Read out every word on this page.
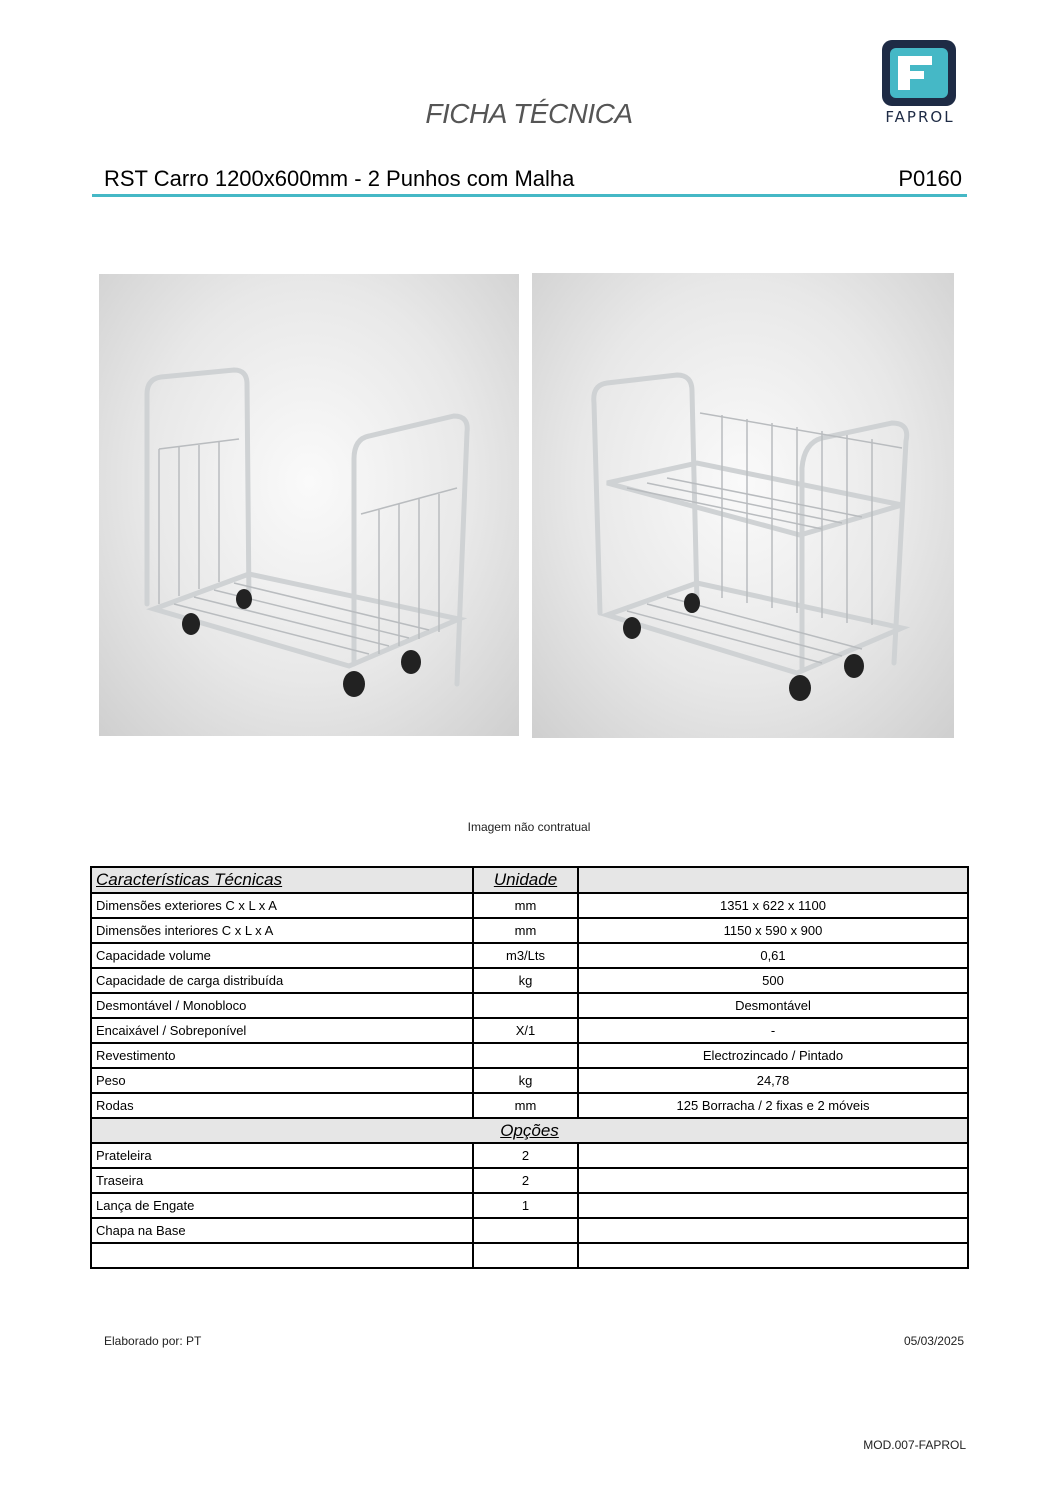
FICHA TÉCNICA	FAPROL
RST Carro 1200x600mm - 2 Punhos com Malha	P0160
Imagem não contratual
Características Técnicas	Unidade	
Dimensões exteriores C x L x A	mm	1351 x 622 x 1100
Dimensões interiores C x L x A	mm	1150 x 590 x 900
Capacidade volume	m3/Lts	0,61
Capacidade de carga distribuída	kg	500
Desmontável / Monobloco		Desmontável
Encaixável / Sobreponível	X/1	-
Revestimento		Electrozincado / Pintado
Peso	kg	24,78
Rodas	mm	125 Borracha / 2 fixas e 2 móveis
Opções		
Prateleira	2	
Traseira	2	
Lança de Engate	1	
Chapa na Base		

Elaborado por: PT	05/03/2025
MOD.007-FAPROL
